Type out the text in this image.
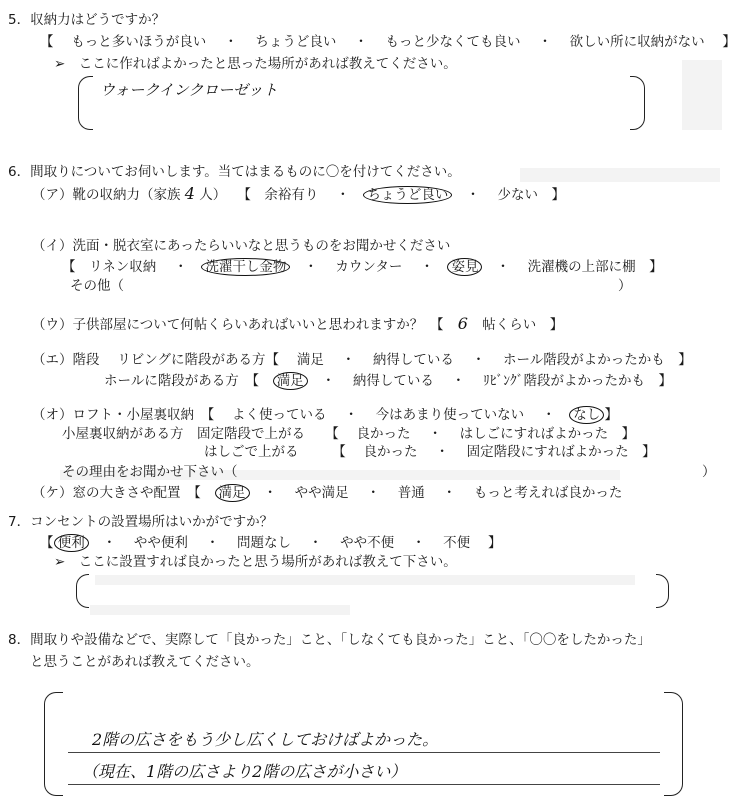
5．収納力はどうですか？
【　 もっと多いほうが良い　 ・　 ちょうど良い　 ・　 もっと少なくても良い　 ・　 欲しい所に収納がない　 】
➢　ここに作ればよかったと思った場所があれば教えてください。
ウォークインクローゼット
6．間取りについてお伺いします。当てはまるものに〇を付けてください。
（ア）靴の収納力（家族 4 人）　 【　余裕有り　 ・　 ちょうど良い　 ・　 少ない　】
（イ）洗面・脱衣室にあったらいいなと思うものをお聞かせください
【　リネン収納　 ・　 洗濯干し金物　 ・　 カウンター　 ・　 姿見　 ・　 洗濯機の上部に棚　】
その他（	）
（ウ）子供部屋について何帖くらいあればいいと思われますか？　【 6 帖くらい　】
（エ）階段　 リビングに階段がある方【　 満足　 ・　 納得している　 ・　 ホール階段がよかったかも　】
ホールに階段がある方　【　 満足　 ・　 納得している　 ・　 ﾘﾋﾞﾝｸﾞ階段がよかったかも　】
（オ）ロフト・小屋裏収納　【　 よく使っている　 ・　 今はあまり使っていない　 ・　 なし 】
小屋裏収納がある方　固定階段で上がる　　【　 良かった　 ・　 はしごにすればよかった　】
はしごで上がる　　　【　 良かった　 ・　 固定階段にすればよかった　】
その理由をお聞かせ下さい（	）
（ケ）窓の大きさや配置　【　 満足　 ・　 やや満足　 ・　 普通　 ・　 もっと考えれば良かった
7．コンセントの設置場所はいかがですか？
【 便利　 ・　 やや便利　 ・　 問題なし　 ・　 やや不便　 ・　 不便　 】
➢　ここに設置すれば良かったと思う場所があれば教えて下さい。
8．間取りや設備などで、実際して「良かった」こと、「しなくても良かった」こと、「〇〇をしたかった」
と思うことがあれば教えてください。
2階の広さをもう少し広くしておけばよかった。
（現在、1階の広さより2階の広さが小さい）
